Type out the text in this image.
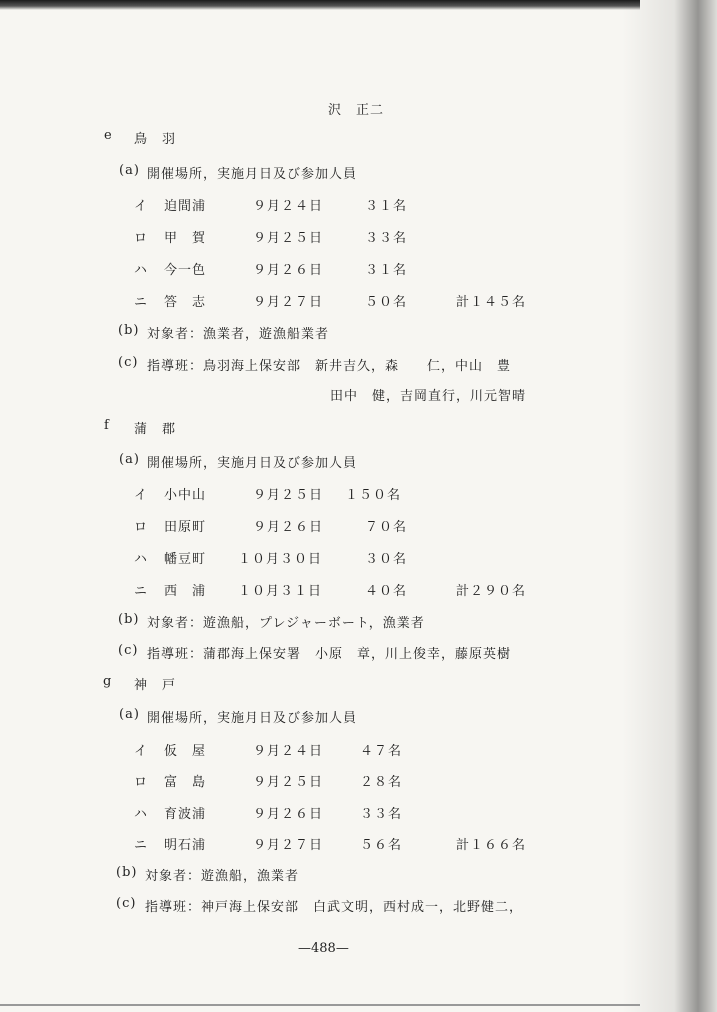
沢　正二
e 鳥　羽
(a) 開催場所，実施月日及び参加人員
イ 迫間浦	９月２４日	３１名
ロ 甲　賀	９月２５日	３３名
ハ 今一色	９月２６日	３１名
ニ 答　志	９月２７日	５０名	計１４５名
(b) 対象者：漁業者，遊漁船業者
(c) 指導班：鳥羽海上保安部　新井吉久，森　　仁，中山　豊
田中　健，吉岡直行，川元智晴
f 蒲　郡
(a) 開催場所，実施月日及び参加人員
イ 小中山	９月２５日 １５０名
ロ 田原町	９月２６日	７０名
ハ 幡豆町 １０月３０日	３０名
ニ 西　浦 １０月３１日	４０名	計２９０名
(b) 対象者：遊漁船，プレジャーボート，漁業者
(c) 指導班：蒲郡海上保安署　小原　章，川上俊幸，藤原英樹
g 神　戸
(a) 開催場所，実施月日及び参加人員
イ 仮　屋	９月２４日	４７名
ロ 富　島	９月２５日	２８名
ハ 育波浦	９月２６日	３３名
ニ 明石浦	９月２７日	５６名	計１６６名
(b) 対象者：遊漁船，漁業者
(c) 指導班：神戸海上保安部　白武文明，西村成一，北野健二，
—488—
